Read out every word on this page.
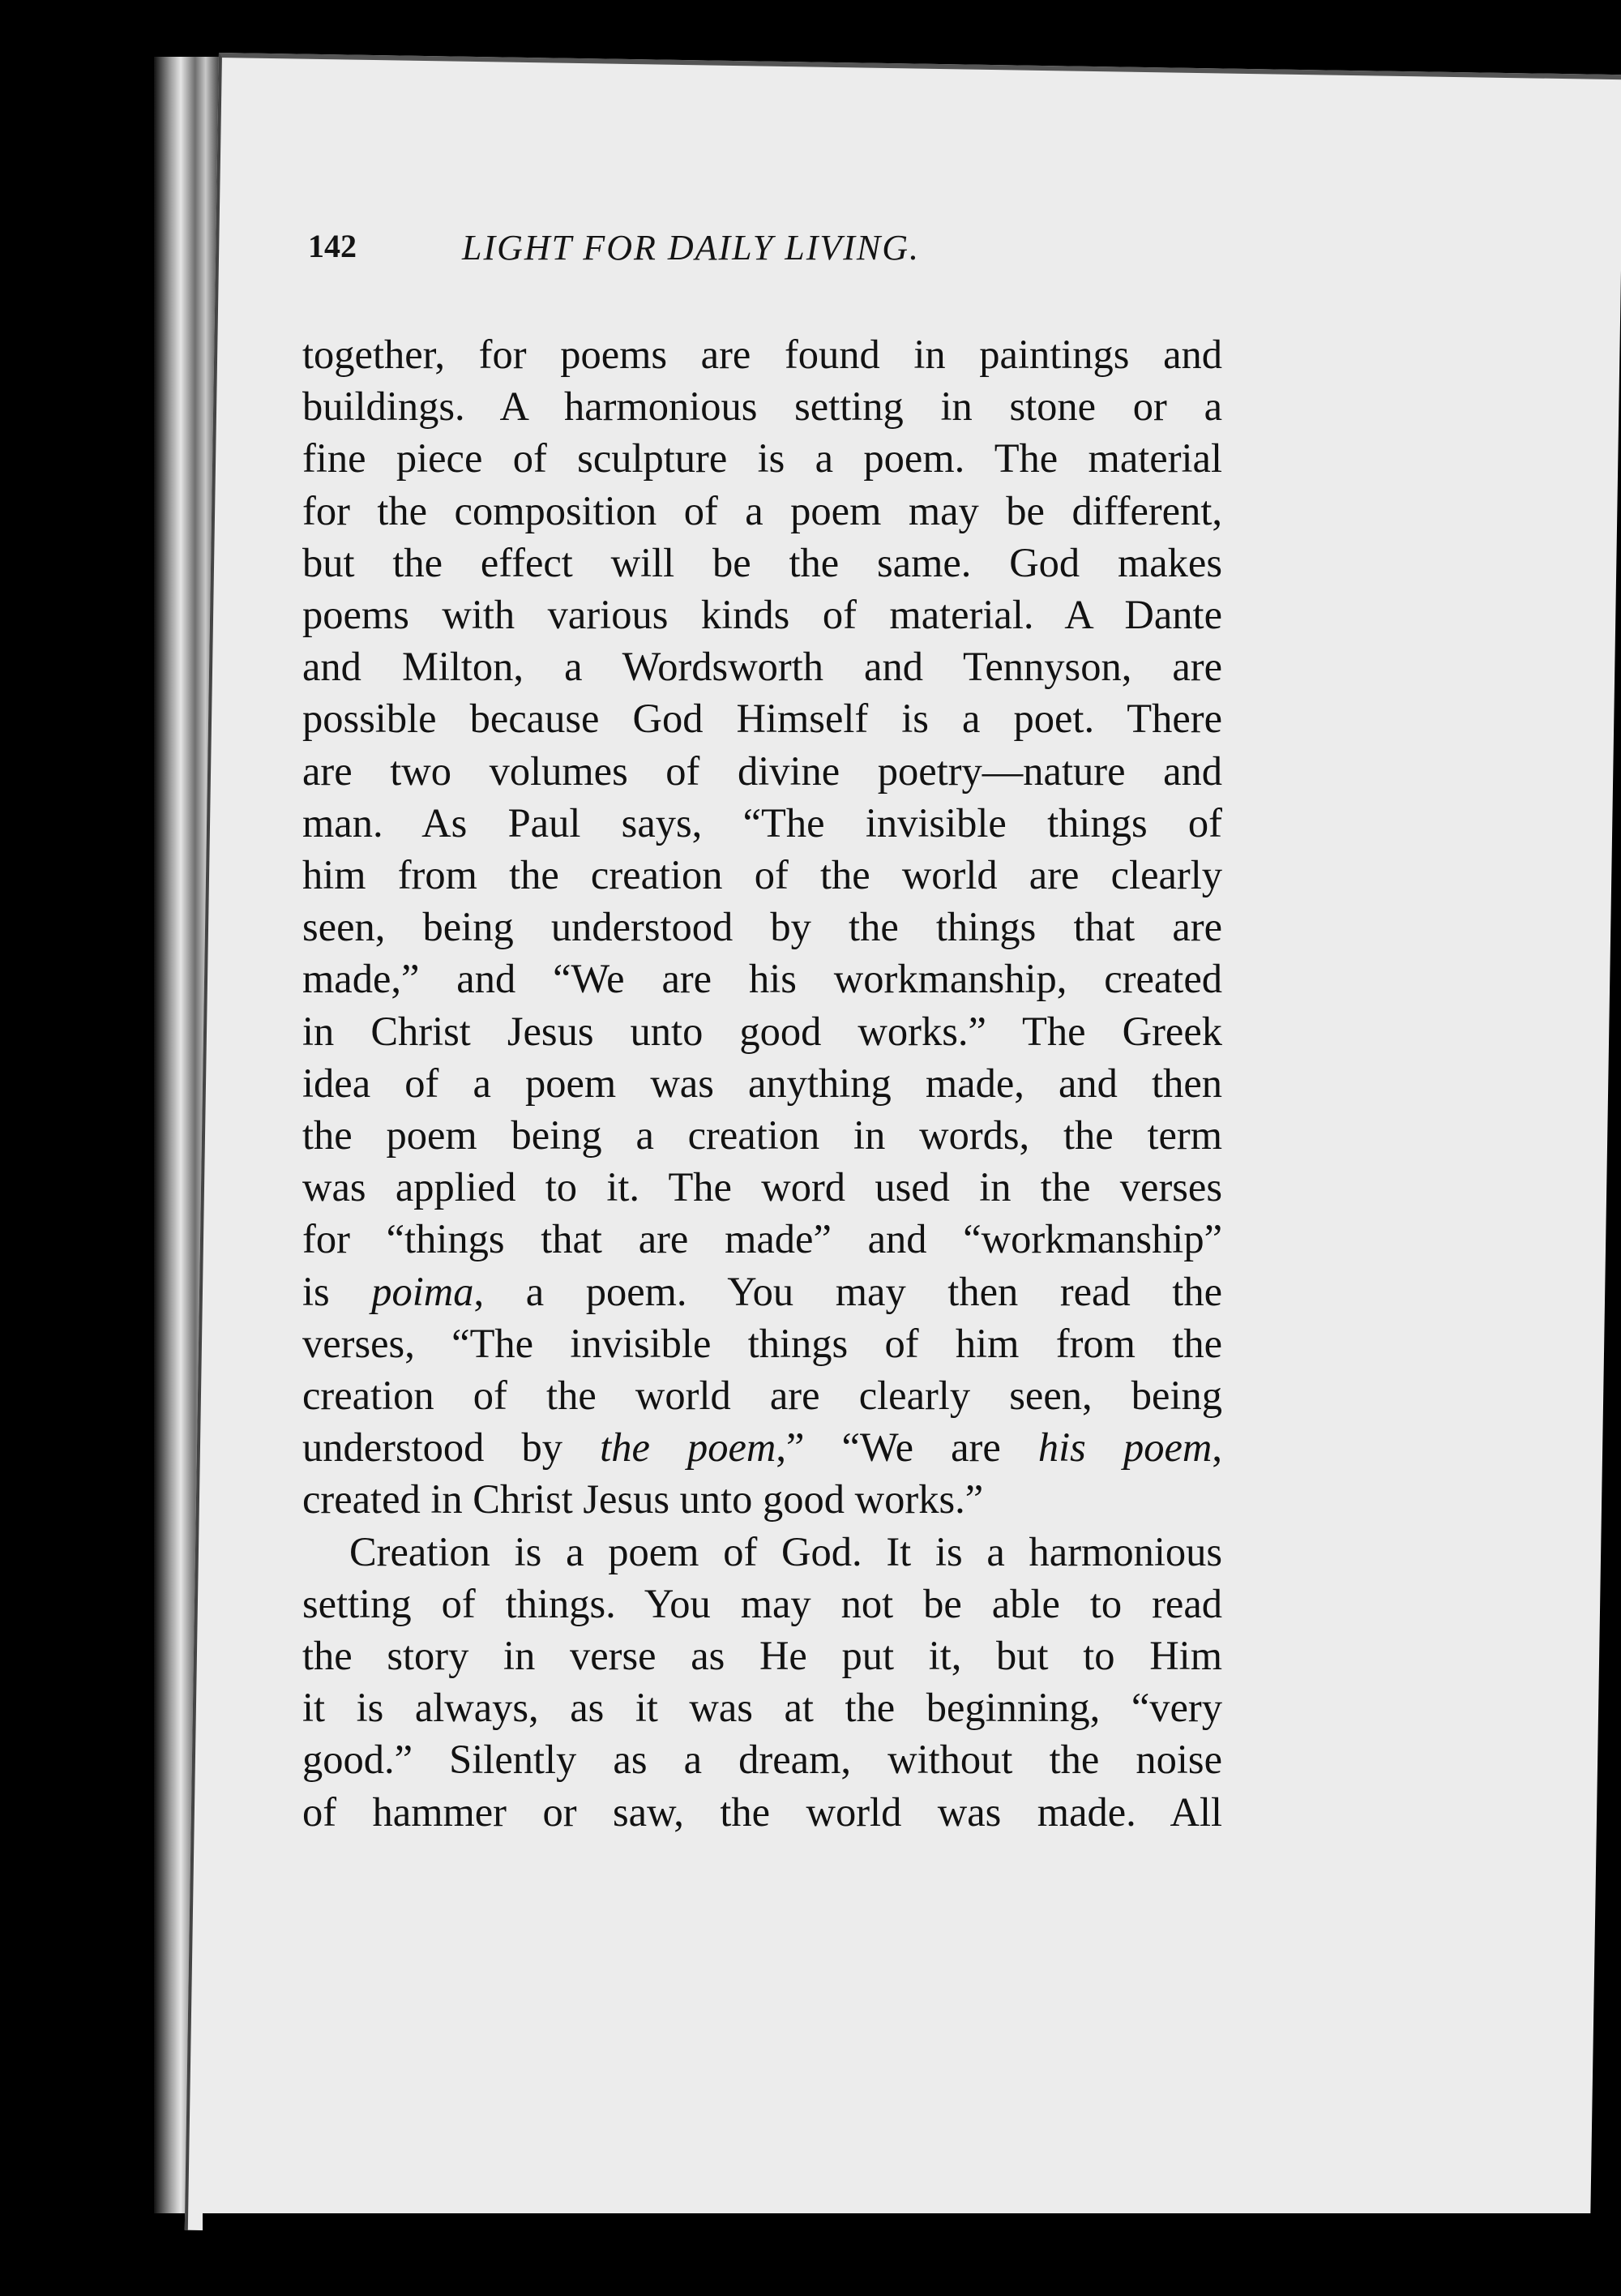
142	LIGHT FOR DAILY LIVING.
together, for poems are found in paintings and
buildings. A harmonious setting in stone or a
fine piece of sculpture is a poem. The material
for the composition of a poem may be different,
but the effect will be the same. God makes
poems with various kinds of material. A Dante
and Milton, a Wordsworth and Tennyson, are
possible because God Himself is a poet. There
are two volumes of divine poetry—nature and
man. As Paul says, “The invisible things of
him from the creation of the world are clearly
seen, being understood by the things that are
made,” and “We are his workmanship, created
in Christ Jesus unto good works.” The Greek
idea of a poem was anything made, and then
the poem being a creation in words, the term
was applied to it. The word used in the verses
for “things that are made” and “workmanship”
is poima, a poem. You may then read the
verses, “The invisible things of him from the
creation of the world are clearly seen, being
understood by the poem,” “We are his poem,
created in Christ Jesus unto good works.”
Creation is a poem of God. It is a harmonious
setting of things. You may not be able to read
the story in verse as He put it, but to Him
it is always, as it was at the beginning, “very
good.” Silently as a dream, without the noise
of hammer or saw, the world was made. All
